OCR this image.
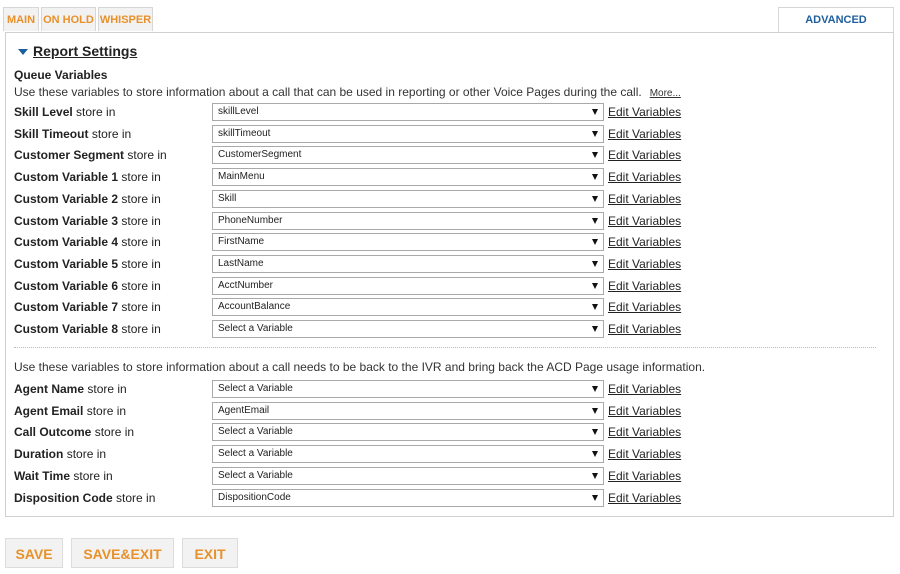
MAIN ON HOLD WHISPER	ADVANCED
Report Settings
Queue Variables
Use these variables to store information about a call that can be used in reporting or other Voice Pages during the call. More...
Skill Level store in	skillLevel	Edit Variables
Skill Timeout store in	skillTimeout	Edit Variables
Customer Segment store in	CustomerSegment	Edit Variables
Custom Variable 1 store in	MainMenu	Edit Variables
Custom Variable 2 store in	Skill	Edit Variables
Custom Variable 3 store in	PhoneNumber	Edit Variables
Custom Variable 4 store in	FirstName	Edit Variables
Custom Variable 5 store in	LastName	Edit Variables
Custom Variable 6 store in	AcctNumber	Edit Variables
Custom Variable 7 store in	AccountBalance	Edit Variables
Custom Variable 8 store in	Select a Variable	Edit Variables
Use these variables to store information about a call needs to be back to the IVR and bring back the ACD Page usage information.
Agent Name store in	Select a Variable	Edit Variables
Agent Email store in	AgentEmail	Edit Variables
Call Outcome store in	Select a Variable	Edit Variables
Duration store in	Select a Variable	Edit Variables
Wait Time store in	Select a Variable	Edit Variables
Disposition Code store in	DispositionCode	Edit Variables
SAVE	SAVE&EXIT	EXIT
